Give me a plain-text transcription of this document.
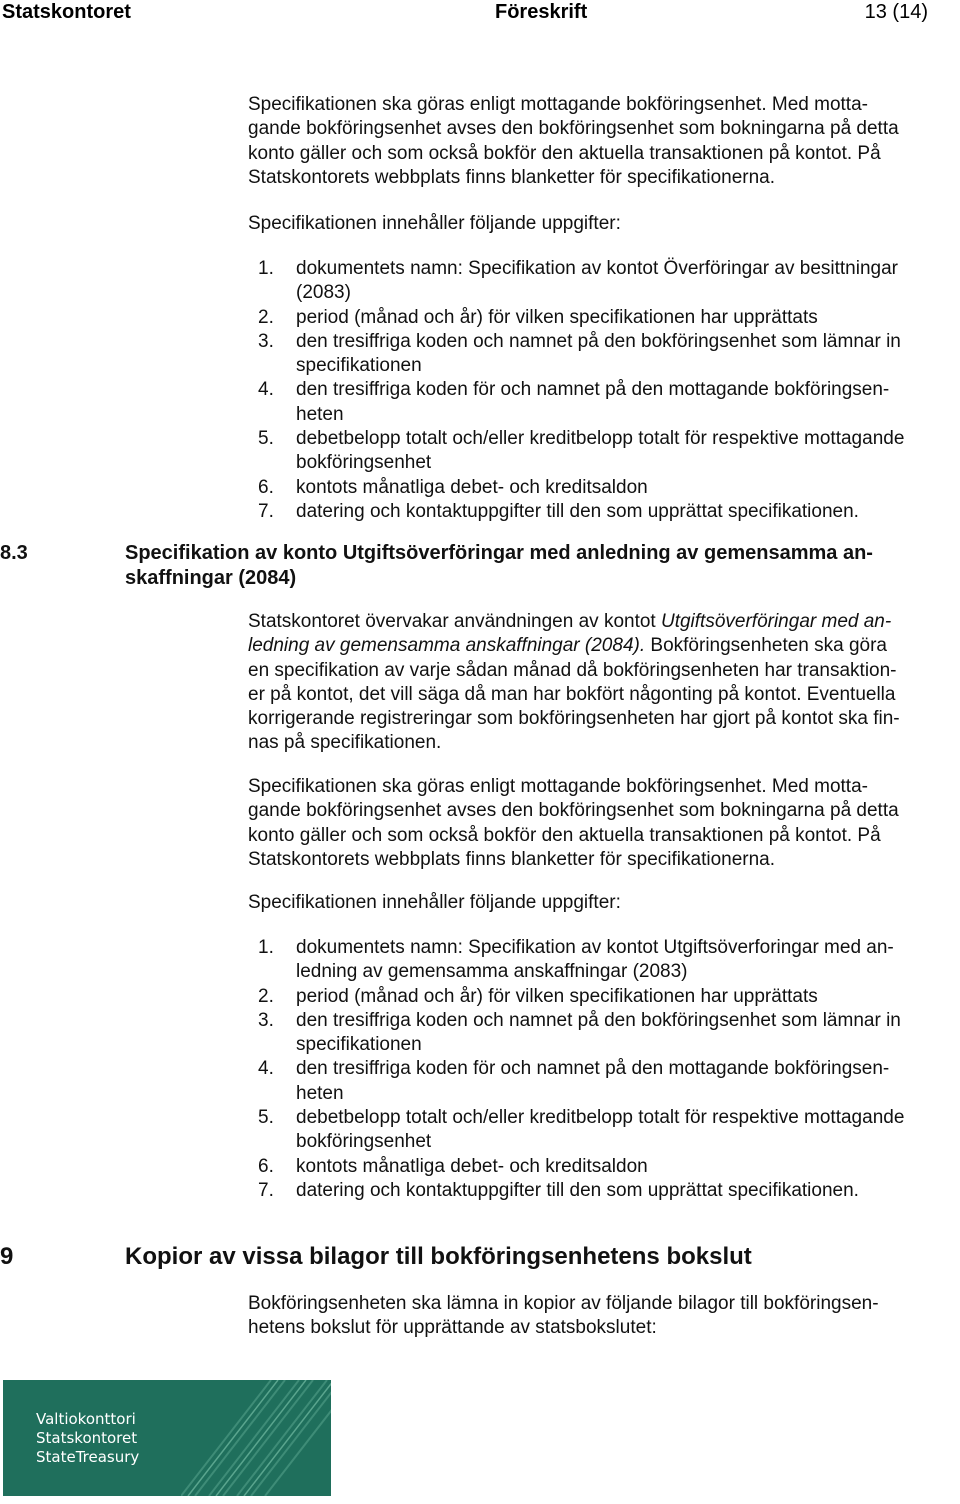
Statskontoret	Föreskrift	13 (14)
Specifikationen ska göras enligt mottagande bokföringsenhet. Med motta-
gande bokföringsenhet avses den bokföringsenhet som bokningarna på detta
konto gäller och som också bokför den aktuella transaktionen på kontot. På
Statskontorets webbplats finns blanketter för specifikationerna.
Specifikationen innehåller följande uppgifter:
1.	dokumentets namn: Specifikation av kontot Överföringar av besittningar
(2083)
2.	period (månad och år) för vilken specifikationen har upprättats
3.	den tresiffriga koden och namnet på den bokföringsenhet som lämnar in
specifikationen
4.	den tresiffriga koden för och namnet på den mottagande bokföringsen-
heten
5.	debetbelopp totalt och/eller kreditbelopp totalt för respektive mottagande
bokföringsenhet
6.	kontots månatliga debet- och kreditsaldon
7.	datering och kontaktuppgifter till den som upprättat specifikationen.
8.3	Specifikation av konto Utgiftsöverföringar med anledning av gemensamma an-
skaffningar (2084)
Statskontoret övervakar användningen av kontot Utgiftsöverföringar med an-
ledning av gemensamma anskaffningar (2084). Bokföringsenheten ska göra
en specifikation av varje sådan månad då bokföringsenheten har transaktion-
er på kontot, det vill säga då man har bokfört någonting på kontot. Eventuella
korrigerande registreringar som bokföringsenheten har gjort på kontot ska fin-
nas på specifikationen.
Specifikationen ska göras enligt mottagande bokföringsenhet. Med motta-
gande bokföringsenhet avses den bokföringsenhet som bokningarna på detta
konto gäller och som också bokför den aktuella transaktionen på kontot. På
Statskontorets webbplats finns blanketter för specifikationerna.
Specifikationen innehåller följande uppgifter:
1.	dokumentets namn: Specifikation av kontot Utgiftsöverforingar med an-
ledning av gemensamma anskaffningar (2083)
2.	period (månad och år) för vilken specifikationen har upprättats
3.	den tresiffriga koden och namnet på den bokföringsenhet som lämnar in
specifikationen
4.	den tresiffriga koden för och namnet på den mottagande bokföringsen-
heten
5.	debetbelopp totalt och/eller kreditbelopp totalt för respektive mottagande
bokföringsenhet
6.	kontots månatliga debet- och kreditsaldon
7.	datering och kontaktuppgifter till den som upprättat specifikationen.
9	Kopior av vissa bilagor till bokföringsenhetens bokslut
Bokföringsenheten ska lämna in kopior av följande bilagor till bokföringsen-
hetens bokslut för upprättande av statsbokslutet:
Valtiokonttori
Statskontoret
StateTreasury
